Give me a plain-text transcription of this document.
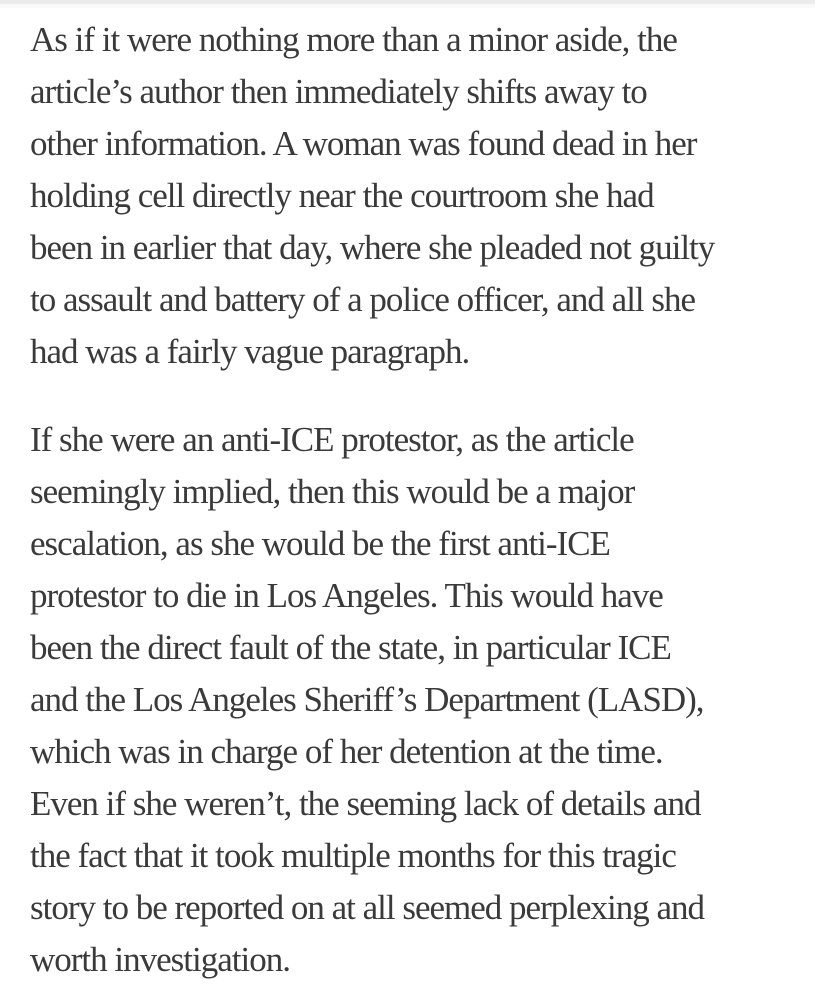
As if it were nothing more than a minor aside, the
article’s author then immediately shifts away to
other information. A woman was found dead in her
holding cell directly near the courtroom she had
been in earlier that day, where she pleaded not guilty
to assault and battery of a police officer, and all she
had was a fairly vague paragraph.
If she were an anti-ICE protestor, as the article
seemingly implied, then this would be a major
escalation, as she would be the first anti-ICE
protestor to die in Los Angeles. This would have
been the direct fault of the state, in particular ICE
and the Los Angeles Sheriff’s Department (LASD),
which was in charge of her detention at the time.
Even if she weren’t, the seeming lack of details and
the fact that it took multiple months for this tragic
story to be reported on at all seemed perplexing and
worth investigation.
